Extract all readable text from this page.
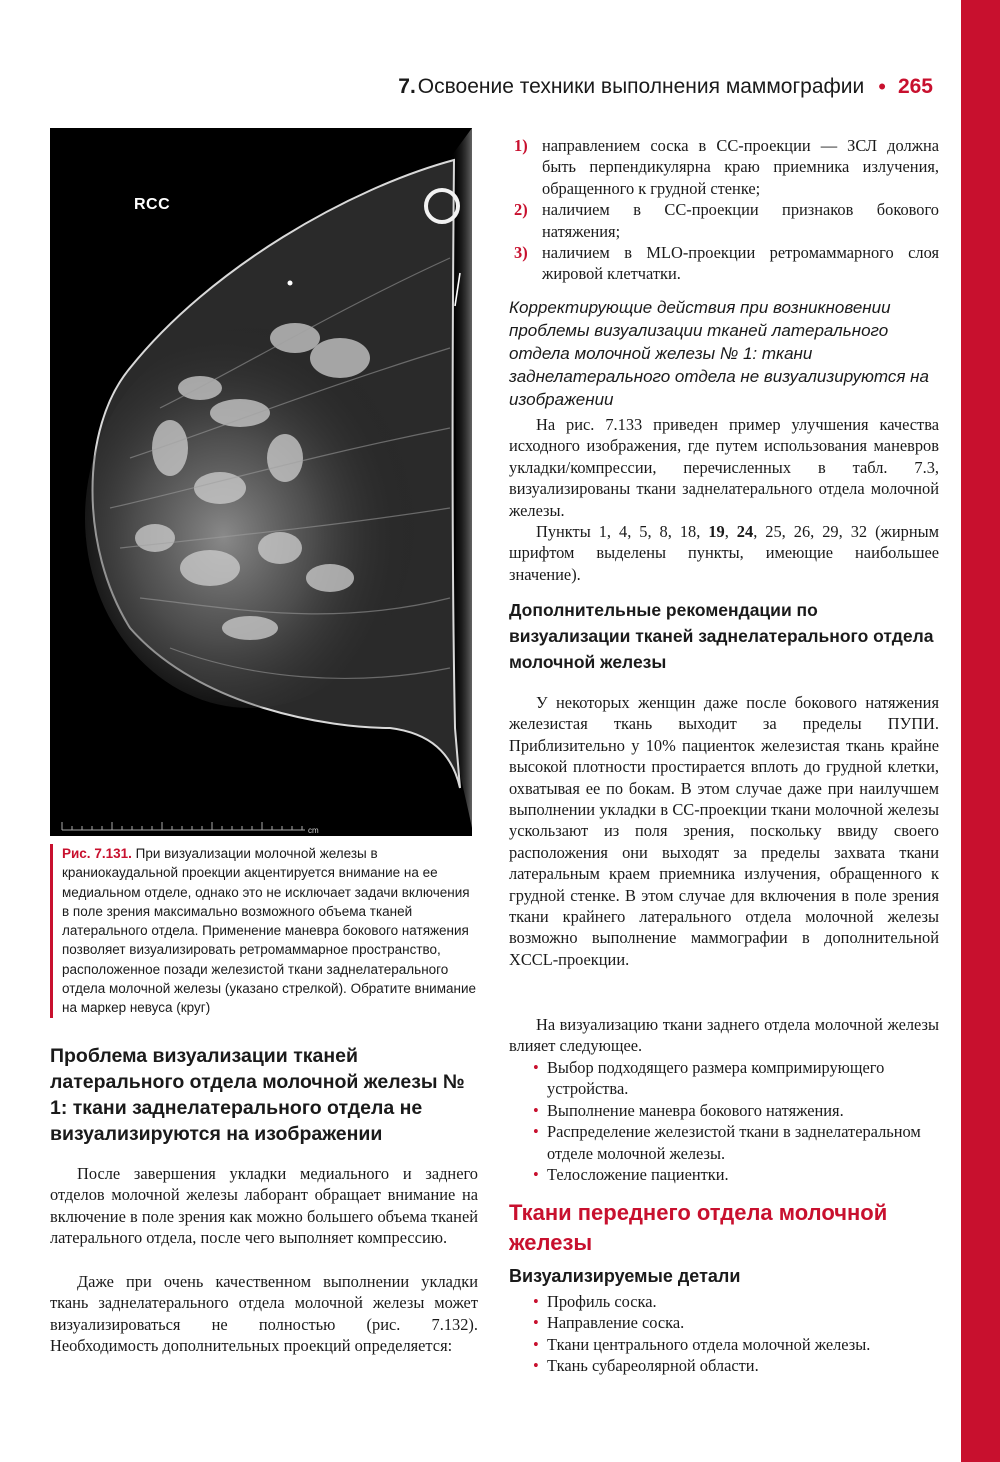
7. Освоение техники выполнения маммографии • 265
cm
RCC
Рис. 7.131. При визуализации молочной железы в краниокаудальной проекции акцентируется внимание на ее медиальном отделе, однако это не исключает задачи включения в поле зрения максимально возможного объема тканей латерального отдела. Применение маневра бокового натяжения позволяет визуализировать ретромаммарное пространство, расположенное позади железистой ткани заднелатерального отдела молочной железы (указано стрелкой). Обратите внимание на маркер невуса (круг)
Проблема визуализации тканей латерального отдела молочной железы № 1: ткани заднелатерального отдела не визуализируются на изображении

После завершения укладки медиального и заднего отделов молочной железы лаборант обращает внимание на включение в поле зрения как можно большего объема тканей латерального отдела, после чего выполняет компрессию.

Даже при очень качественном выполнении укладки ткань заднелатерального отдела молочной железы может визуализироваться не полностью (рис. 7.132). Необходимость дополнительных проекций определяется:

1) направлением соска в СС-проекции — ЗСЛ должна быть перпендикулярна краю приемника излучения, обращенного к грудной стенке;
2) наличием в СС-проекции признаков бокового натяжения;
3) наличием в MLO-проекции ретромаммарного слоя жировой клетчатки.

Корректирующие действия при возникновении проблемы визуализации тканей латерального отдела молочной железы № 1: ткани заднелатерального отдела не визуализируются на изображении

На рис. 7.133 приведен пример улучшения качества исходного изображения, где путем использования маневров укладки/компрессии, перечисленных в табл. 7.3, визуализированы ткани заднелатерального отдела молочной железы.

Пункты 1, 4, 5, 8, 18, 19, 24, 25, 26, 29, 32 (жирным шрифтом выделены пункты, имеющие наибольшее значение).

Дополнительные рекомендации по визуализации тканей заднелатерального отдела молочной железы

У некоторых женщин даже после бокового натяжения железистая ткань выходит за пределы ПУПИ. Приблизительно у 10% пациенток железистая ткань крайне высокой плотности простирается вплоть до грудной клетки, охватывая ее по бокам. В этом случае даже при наилучшем выполнении укладки в СС-проекции ткани молочной железы ускользают из поля зрения, поскольку ввиду своего расположения они выходят за пределы захвата ткани латеральным краем приемника излучения, обращенного к грудной стенке. В этом случае для включения в поле зрения ткани крайнего латерального отдела молочной железы возможно выполнение маммографии в дополнительной XCCL-проекции.

На визуализацию ткани заднего отдела молочной железы влияет следующее.

• Выбор подходящего размера компримирующего устройства.
• Выполнение маневра бокового натяжения.
• Распределение железистой ткани в заднелатеральном отделе молочной железы.
• Телосложение пациентки.
Ткани переднего отдела молочной железы
Визуализируемые детали
• Профиль соска.
• Направление соска.
• Ткани центрального отдела молочной железы.
• Ткань субареолярной области.
